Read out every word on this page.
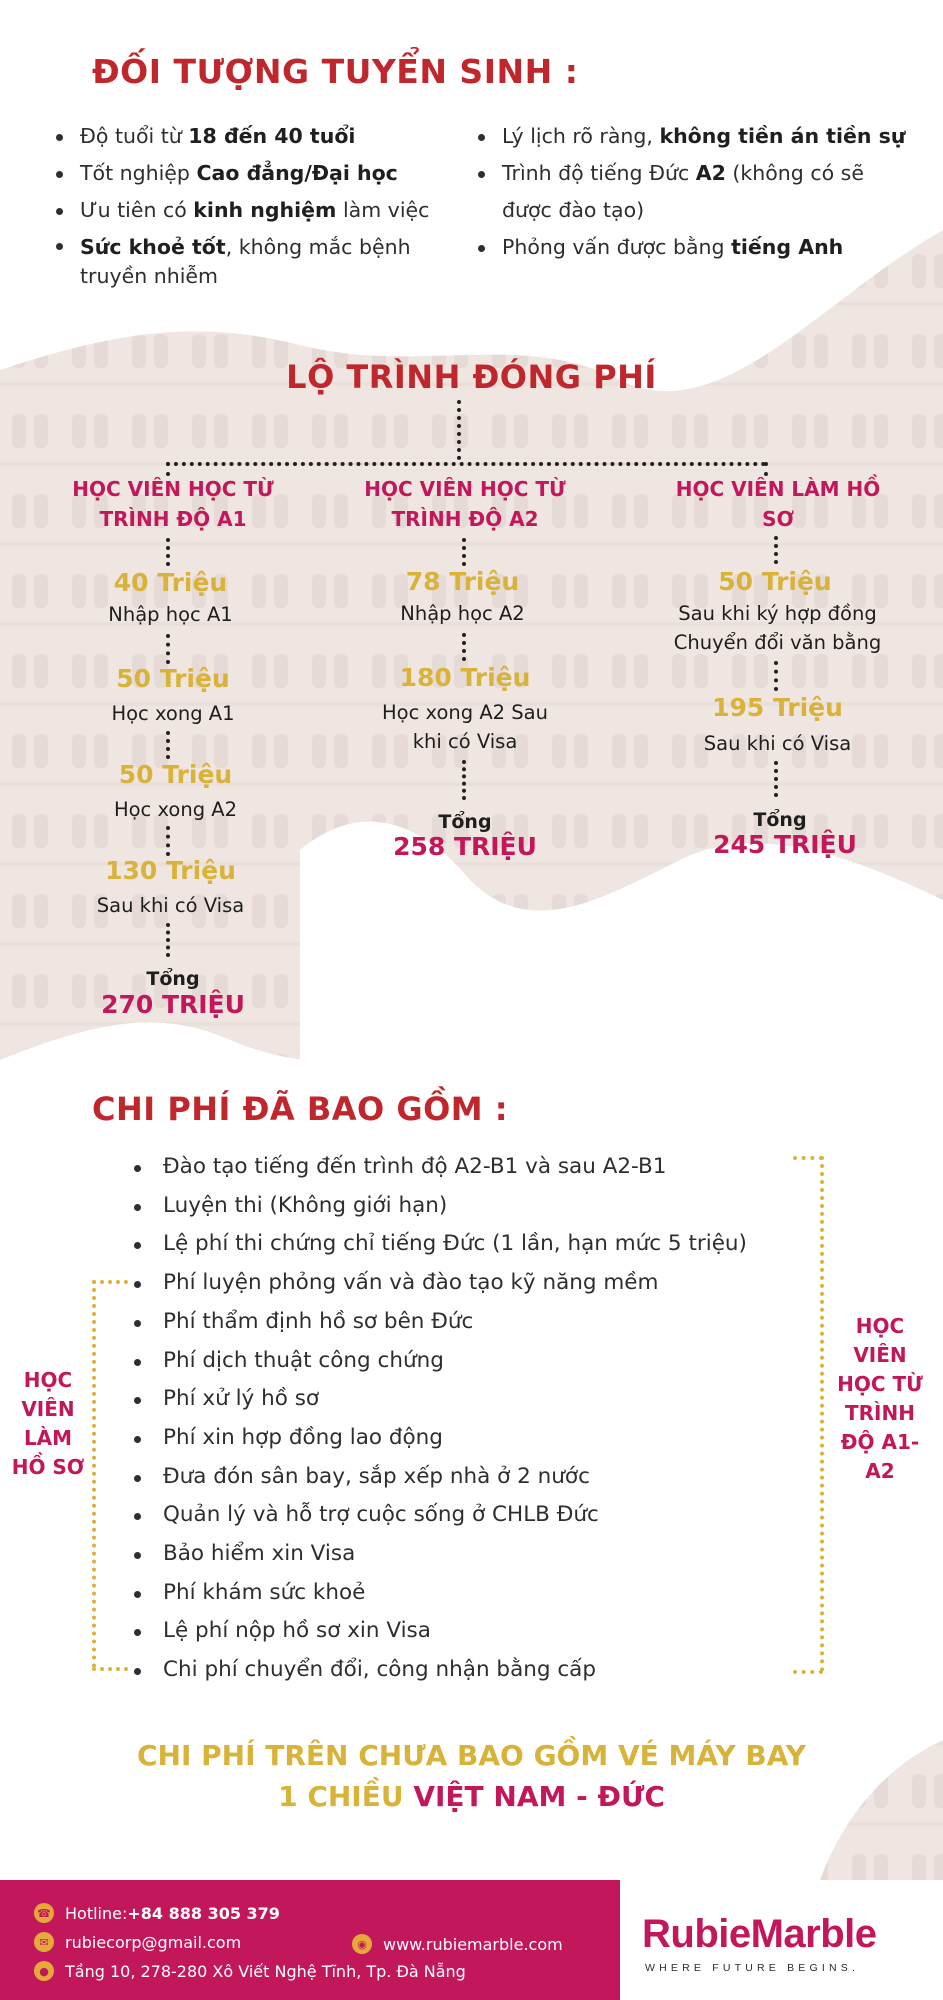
ĐỐI TƯỢNG TUYỂN SINH :
Độ tuổi từ 18 đến 40 tuổi
Tốt nghiệp Cao đẳng/Đại học
Ưu tiên có kinh nghiệm làm việc
Sức khoẻ tốt, không mắc bệnh truyền nhiễm
Lý lịch rõ ràng, không tiền án tiền sự
Trình độ tiếng Đức A2 (không có sẽ được đào tạo)
Phỏng vấn được bằng tiếng Anh
LỘ TRÌNH ĐÓNG PHÍ
HỌC VIÊN HỌC TỪ TRÌNH ĐỘ A1
40 Triệu
Nhập học A1
50 Triệu
Học xong A1
50 Triệu
Học xong A2
130 Triệu
Sau khi có Visa
Tổng
270 TRIỆU
HỌC VIÊN HỌC TỪ TRÌNH ĐỘ A2
78 Triệu
Nhập học A2
180 Triệu
Học xong A2 Sau khi có Visa
Tổng
258 TRIỆU
HỌC VIÊN LÀM HỒ SƠ
50 Triệu
Sau khi ký hợp đồng Chuyển đổi văn bằng
195 Triệu
Sau khi có Visa
Tổng
245 TRIỆU
CHI PHÍ ĐÃ BAO GỒM :
Đào tạo tiếng đến trình độ A2-B1 và sau A2-B1
Luyện thi (Không giới hạn)
Lệ phí thi chứng chỉ tiếng Đức (1 lần, hạn mức 5 triệu)
Phí luyện phỏng vấn và đào tạo kỹ năng mềm
Phí thẩm định hồ sơ bên Đức
Phí dịch thuật công chứng
Phí xử lý hồ sơ
Phí xin hợp đồng lao động
Đưa đón sân bay, sắp xếp nhà ở 2 nước
Quản lý và hỗ trợ cuộc sống ở CHLB Đức
Bảo hiểm xin Visa
Phí khám sức khoẻ
Lệ phí nộp hồ sơ xin Visa
Chi phí chuyển đổi, công nhận bằng cấp
HỌC VIÊN HỌC TỪ TRÌNH ĐỘ A1-A2
HỌC VIÊN LÀM HỒ SƠ
CHI PHÍ TRÊN CHƯA BAO GỒM VÉ MÁY BAY
1 CHIỀU VIỆT NAM - ĐỨC
☎ Hotline: +84 888 305 379
✉	rubiecorp@gmail.com	◉	www.rubiemarble.com
●	Tầng 10, 278-280 Xô Viết Nghệ Tĩnh, Tp. Đà Nẵng
RubieMarble
WHERE FUTURE BEGINS.
